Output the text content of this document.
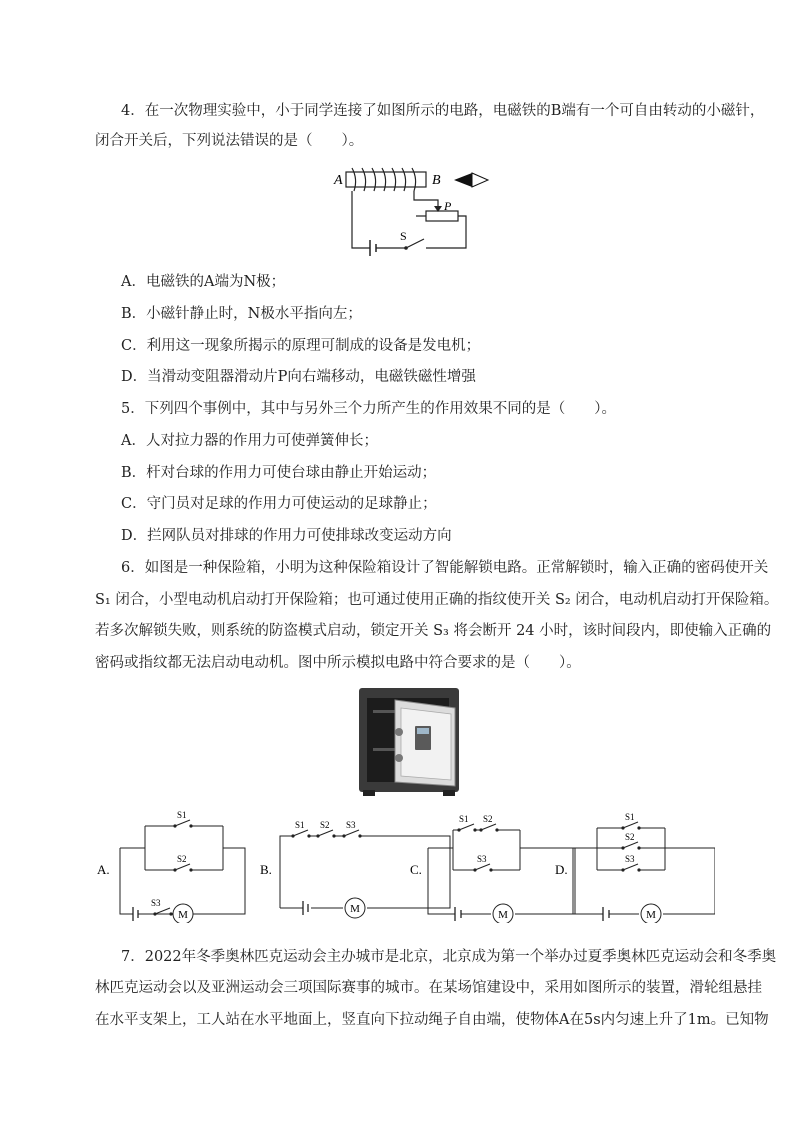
4．在一次物理实验中，小于同学连接了如图所示的电路，电磁铁的B端有一个可自由转动的小磁针，

闭合开关后，下列说法错误的是（　　）。

A	B
P
S

A．电磁铁的A端为N极；

B．小磁针静止时，N极水平指向左；

C．利用这一现象所揭示的原理可制成的设备是发电机；

D．当滑动变阻器滑动片P向右端移动，电磁铁磁性增强

5．下列四个事例中，其中与另外三个力所产生的作用效果不同的是（　　）。

A．人对拉力器的作用力可使弹簧伸长；

B．杆对台球的作用力可使台球由静止开始运动；

C．守门员对足球的作用力可使运动的足球静止；

D．拦网队员对排球的作用力可使排球改变运动方向

6．如图是一种保险箱，小明为这种保险箱设计了智能解锁电路。正常解锁时，输入正确的密码使开关

S₁ 闭合，小型电动机启动打开保险箱；也可通过使用正确的指纹使开关 S₂ 闭合，电动机启动打开保险箱。

若多次解锁失败，则系统的防盗模式启动，锁定开关 S₃ 将会断开 24 小时，该时间段内，即使输入正确的

密码或指纹都无法启动电动机。图中所示模拟电路中符合要求的是（　　）。

M	M	M	M
A.	B.	C.	D.
S1
S2
S3
S1 S2 S3
S1 S2
S3
S1
S2
S3

7．2022年冬季奥林匹克运动会主办城市是北京，北京成为第一个举办过夏季奥林匹克运动会和冬季奥

林匹克运动会以及亚洲运动会三项国际赛事的城市。在某场馆建设中，采用如图所示的装置，滑轮组悬挂

在水平支架上，工人站在水平地面上，竖直向下拉动绳子自由端，使物体A在5s内匀速上升了1m。已知物
